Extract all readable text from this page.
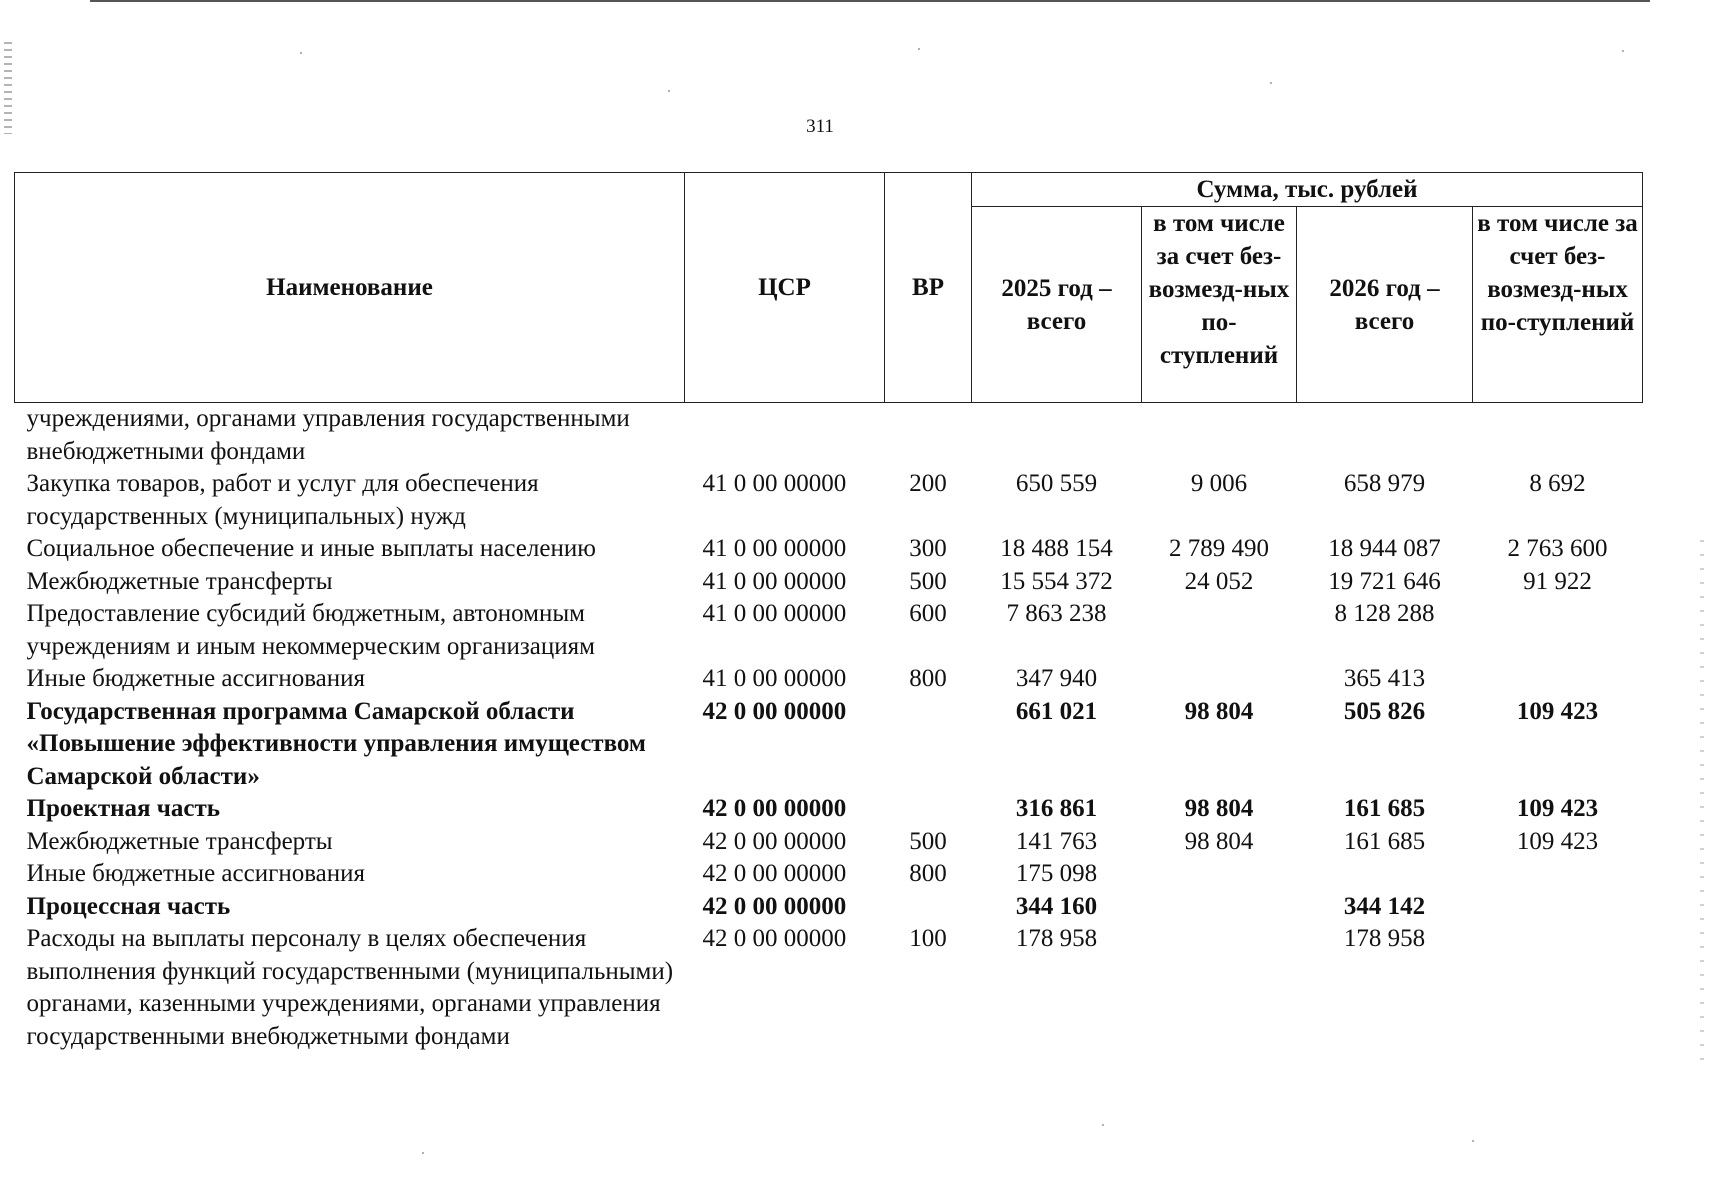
311
Наименование	ЦСР	ВР	Сумма, тыс. рублей			
			2025 год – всего	в том числе за счет без-возмезд-ных по-ступлений	2026 год – всего	в том числе за счет без-возмезд-ных по-ступлений
учреждениями, органами управления государственными внебюджетными фондами						
Закупка товаров, работ и услуг для обеспечения государственных (муниципальных) нужд	41 0 00 00000	200	650 559	9 006	658 979	8 692
Социальное обеспечение и иные выплаты населению	41 0 00 00000	300	18 488 154	2 789 490	18 944 087	2 763 600
Межбюджетные трансферты	41 0 00 00000	500	15 554 372	24 052	19 721 646	91 922
Предоставление субсидий бюджетным, автономным учреждениям и иным некоммерческим организациям	41 0 00 00000	600	7 863 238		8 128 288	
Иные бюджетные ассигнования	41 0 00 00000	800	347 940		365 413	
Государственная программа Самарской области «Повышение эффективности управления имуществом Самарской области»	42 0 00 00000		661 021	98 804	505 826	109 423
Проектная часть	42 0 00 00000		316 861	98 804	161 685	109 423
Межбюджетные трансферты	42 0 00 00000	500	141 763	98 804	161 685	109 423
Иные бюджетные ассигнования	42 0 00 00000	800	175 098			
Процессная часть	42 0 00 00000		344 160		344 142	
Расходы на выплаты персоналу в целях обеспечения выполнения функций государственными (муниципальными) органами, казенными учреждениями, органами управления государственными внебюджетными фондами	42 0 00 00000	100	178 958		178 958	
